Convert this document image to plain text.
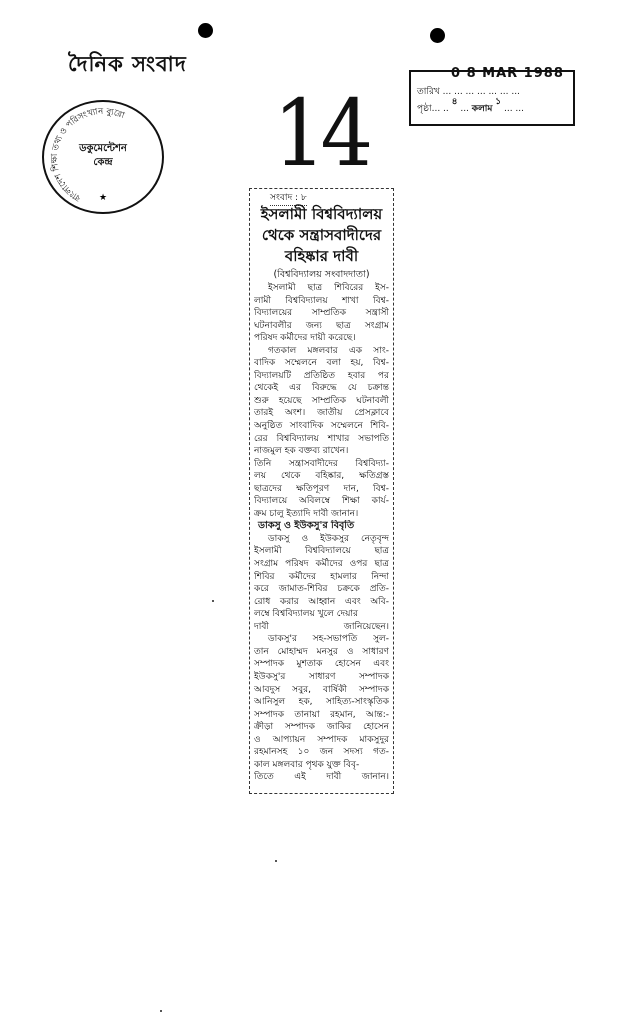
দৈনিক সংবাদ
বাংলাদেশ শিক্ষা তথ্য ও পরিসংখ্যান ব্যুরো
★
ডকুমেন্টেশন
কেন্দ্র
0 8 MAR 1988
তারিখ ... ... ... ... ... ... ...
পৃষ্ঠা... .. ৪ ... কলাম ১ ... ...
14
সংবাদ : ৮
ইসলামী বিশ্ববিদ্যালয়
থেকে সন্ত্রাসবাদীদের
বহিষ্কার দাবী
(বিশ্ববিদ্যালয় সংবাদদাতা)
ইসলামী ছাত্র শিবিরের ইস-
লামী বিশ্ববিদ্যালয় শাখা বিশ্ব-
বিদ্যালয়ের সাম্প্রতিক সন্ত্রাসী
ঘটনাবলীর জন্য ছাত্র সংগ্রাম
পরিষদ কর্মীদের দায়ী করেছে।
গতকাল মঙ্গলবার এক সাং-
বাদিক সম্মেলনে বলা হয়, বিশ্ব-
বিদ্যালয়টি প্রতিষ্ঠিত হবার পর
থেকেই এর বিরুদ্ধে যে চক্রান্ত
শুরু হয়েছে সাম্প্রতিক ঘটনাবলী
তারই অংশ। জাতীয় প্রেসক্লাবে
অনুষ্ঠিত সাংবাদিক সম্মেলনে শিবি-
রের বিশ্ববিদ্যালয় শাখার সভাপতি
নাজমুল হক বক্তব্য রাখেন।
তিনি সন্ত্রাসবাদীদের বিশ্ববিদ্যা-
লয় থেকে বহিষ্কার, ক্ষতিগ্রস্ত
ছাত্রদের ক্ষতিপূরণ দান, বিশ্ব-
বিদ্যালয়ে অবিলম্বে শিক্ষা কার্য-
ক্রম চালু ইত্যাদি দাবী জানান।
ডাকসু ও ইউকসু'র বিবৃতি
ডাকসু ও ইউকসুর নেতৃবৃন্দ
ইসলামী বিশ্ববিদ্যালয়ে ছাত্র
সংগ্রাম পরিষদ কর্মীদের ওপর ছাত্র
শিবির কর্মীদের হামলার নিন্দা
করে জামাত-শিবির চক্রকে প্রতি-
রোধ করার আহ্বান এবং অবি-
লম্বে বিশ্ববিদ্যালয় খুলে দেয়ার
দাবী জানিয়েছেন।
ডাকসু'র সহ-সভাপতি সুল-
তান মোহাম্মদ মনসুর ও সাধারণ
সম্পাদক মুশতাক হোসেন এবং
ইউকসু'র সাধারণ সম্পাদক
আবদুস সবুর, বার্ষিকী সম্পাদক
আনিসুল হক, সাহিত্য-সাংস্কৃতিক
সম্পাদক তানায়া রহমান, আন্ত:-
ক্রীড়া সম্পাদক জাকির হোসেন
ও আপ্যায়ন সম্পাদক মাকসুদুর
রহমানসহ ১০ জন সদস্য গত-
কাল মঙ্গলবার পৃথক যুক্ত বিবৃ-
তিতে এই দাবী জানান।
